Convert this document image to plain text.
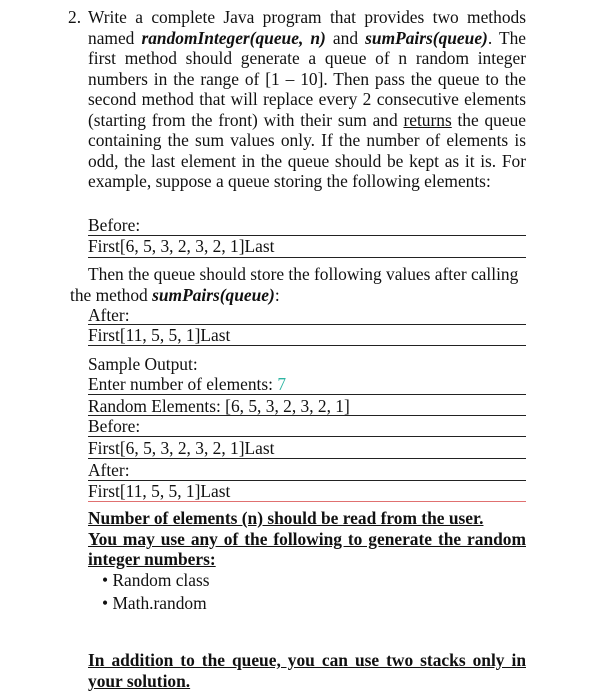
2. Write a complete Java program that provides two methods named randomInteger(queue, n) and sumPairs(queue). The first method should generate a queue of n random integer numbers in the range of [1 – 10]. Then pass the queue to the second method that will replace every 2 consecutive elements (starting from the front) with their sum and returns the queue containing the sum values only. If the number of elements is odd, the last element in the queue should be kept as it is. For example, suppose a queue storing the following elements:
Before:
First[6, 5, 3, 2, 3, 2, 1]Last
Then the queue should store the following values after calling the method sumPairs(queue):
After:
First[11, 5, 5, 1]Last
Sample Output:
Enter number of elements: 7
Random Elements: [6, 5, 3, 2, 3, 2, 1]
Before:
First[6, 5, 3, 2, 3, 2, 1]Last
After:
First[11, 5, 5, 1]Last
Number of elements (n) should be read from the user.
You may use any of the following to generate the random integer numbers:
• Random class
• Math.random
In addition to the queue, you can use two stacks only in your solution.
